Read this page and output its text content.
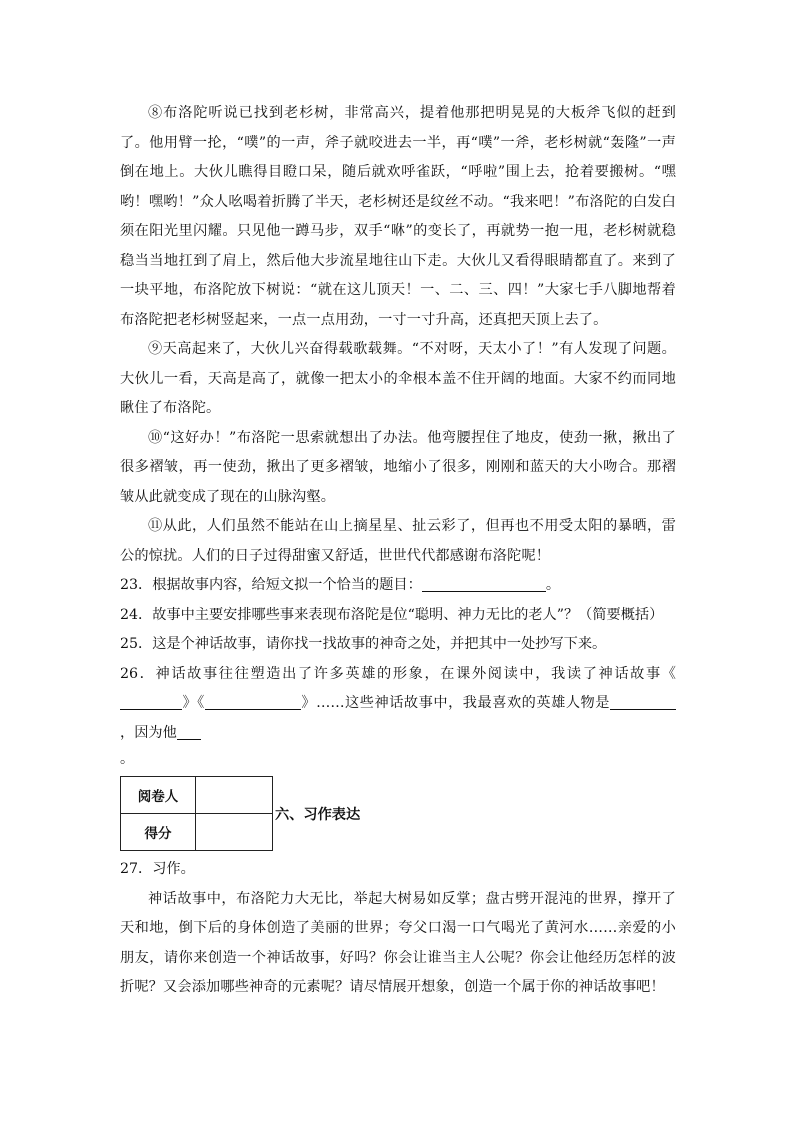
⑧布洛陀听说已找到老杉树，非常高兴，提着他那把明晃晃的大板斧飞似的赶到了。他用臂一抡，“噗”的一声，斧子就咬进去一半，再“噗”一斧，老杉树就“轰隆”一声倒在地上。大伙儿瞧得目瞪口呆，随后就欢呼雀跃，“呼啦”围上去，抢着要搬树。“嘿哟！嘿哟！”众人吆喝着折腾了半天，老杉树还是纹丝不动。“我来吧！”布洛陀的白发白须在阳光里闪耀。只见他一蹲马步，双手“咻”的变长了，再就势一抱一甩，老杉树就稳稳当当地扛到了肩上，然后他大步流星地往山下走。大伙儿又看得眼睛都直了。来到了一块平地，布洛陀放下树说：“就在这儿顶天！一、二、三、四！”大家七手八脚地帮着布洛陀把老杉树竖起来，一点一点用劲，一寸一寸升高，还真把天顶上去了。

⑨天高起来了，大伙儿兴奋得载歌载舞。“不对呀，天太小了！”有人发现了问题。大伙儿一看，天高是高了，就像一把太小的伞根本盖不住开阔的地面。大家不约而同地瞅住了布洛陀。

⑩“这好办！”布洛陀一思索就想出了办法。他弯腰捏住了地皮，使劲一揪，揪出了很多褶皱，再一使劲，揪出了更多褶皱，地缩小了很多，刚刚和蓝天的大小吻合。那褶皱从此就变成了现在的山脉沟壑。

⑪从此，人们虽然不能站在山上摘星星、扯云彩了，但再也不用受太阳的暴晒，雷公的惊扰。人们的日子过得甜蜜又舒适，世世代代都感谢布洛陀呢！

23．根据故事内容，给短文拟一个恰当的题目：	。

24．故事中主要安排哪些事来表现布洛陀是位“聪明、神力无比的老人”？（简要概括）

25．这是个神话故事，请你找一找故事的神奇之处，并把其中一处抄写下来。

26．神话故事往往塑造出了许多英雄的形象，在课外阅读中，我读了神话故事《》《	》……这些神话故事中，我最喜欢的英雄人物是，因为他

。

阅卷人	
得分	
六、习作表达

27．习作。

神话故事中，布洛陀力大无比，举起大树易如反掌；盘古劈开混沌的世界，撑开了天和地，倒下后的身体创造了美丽的世界；夸父口渴一口气喝光了黄河水……亲爱的小朋友，请你来创造一个神话故事，好吗？你会让谁当主人公呢？你会让他经历怎样的波折呢？又会添加哪些神奇的元素呢？请尽情展开想象，创造一个属于你的神话故事吧！
